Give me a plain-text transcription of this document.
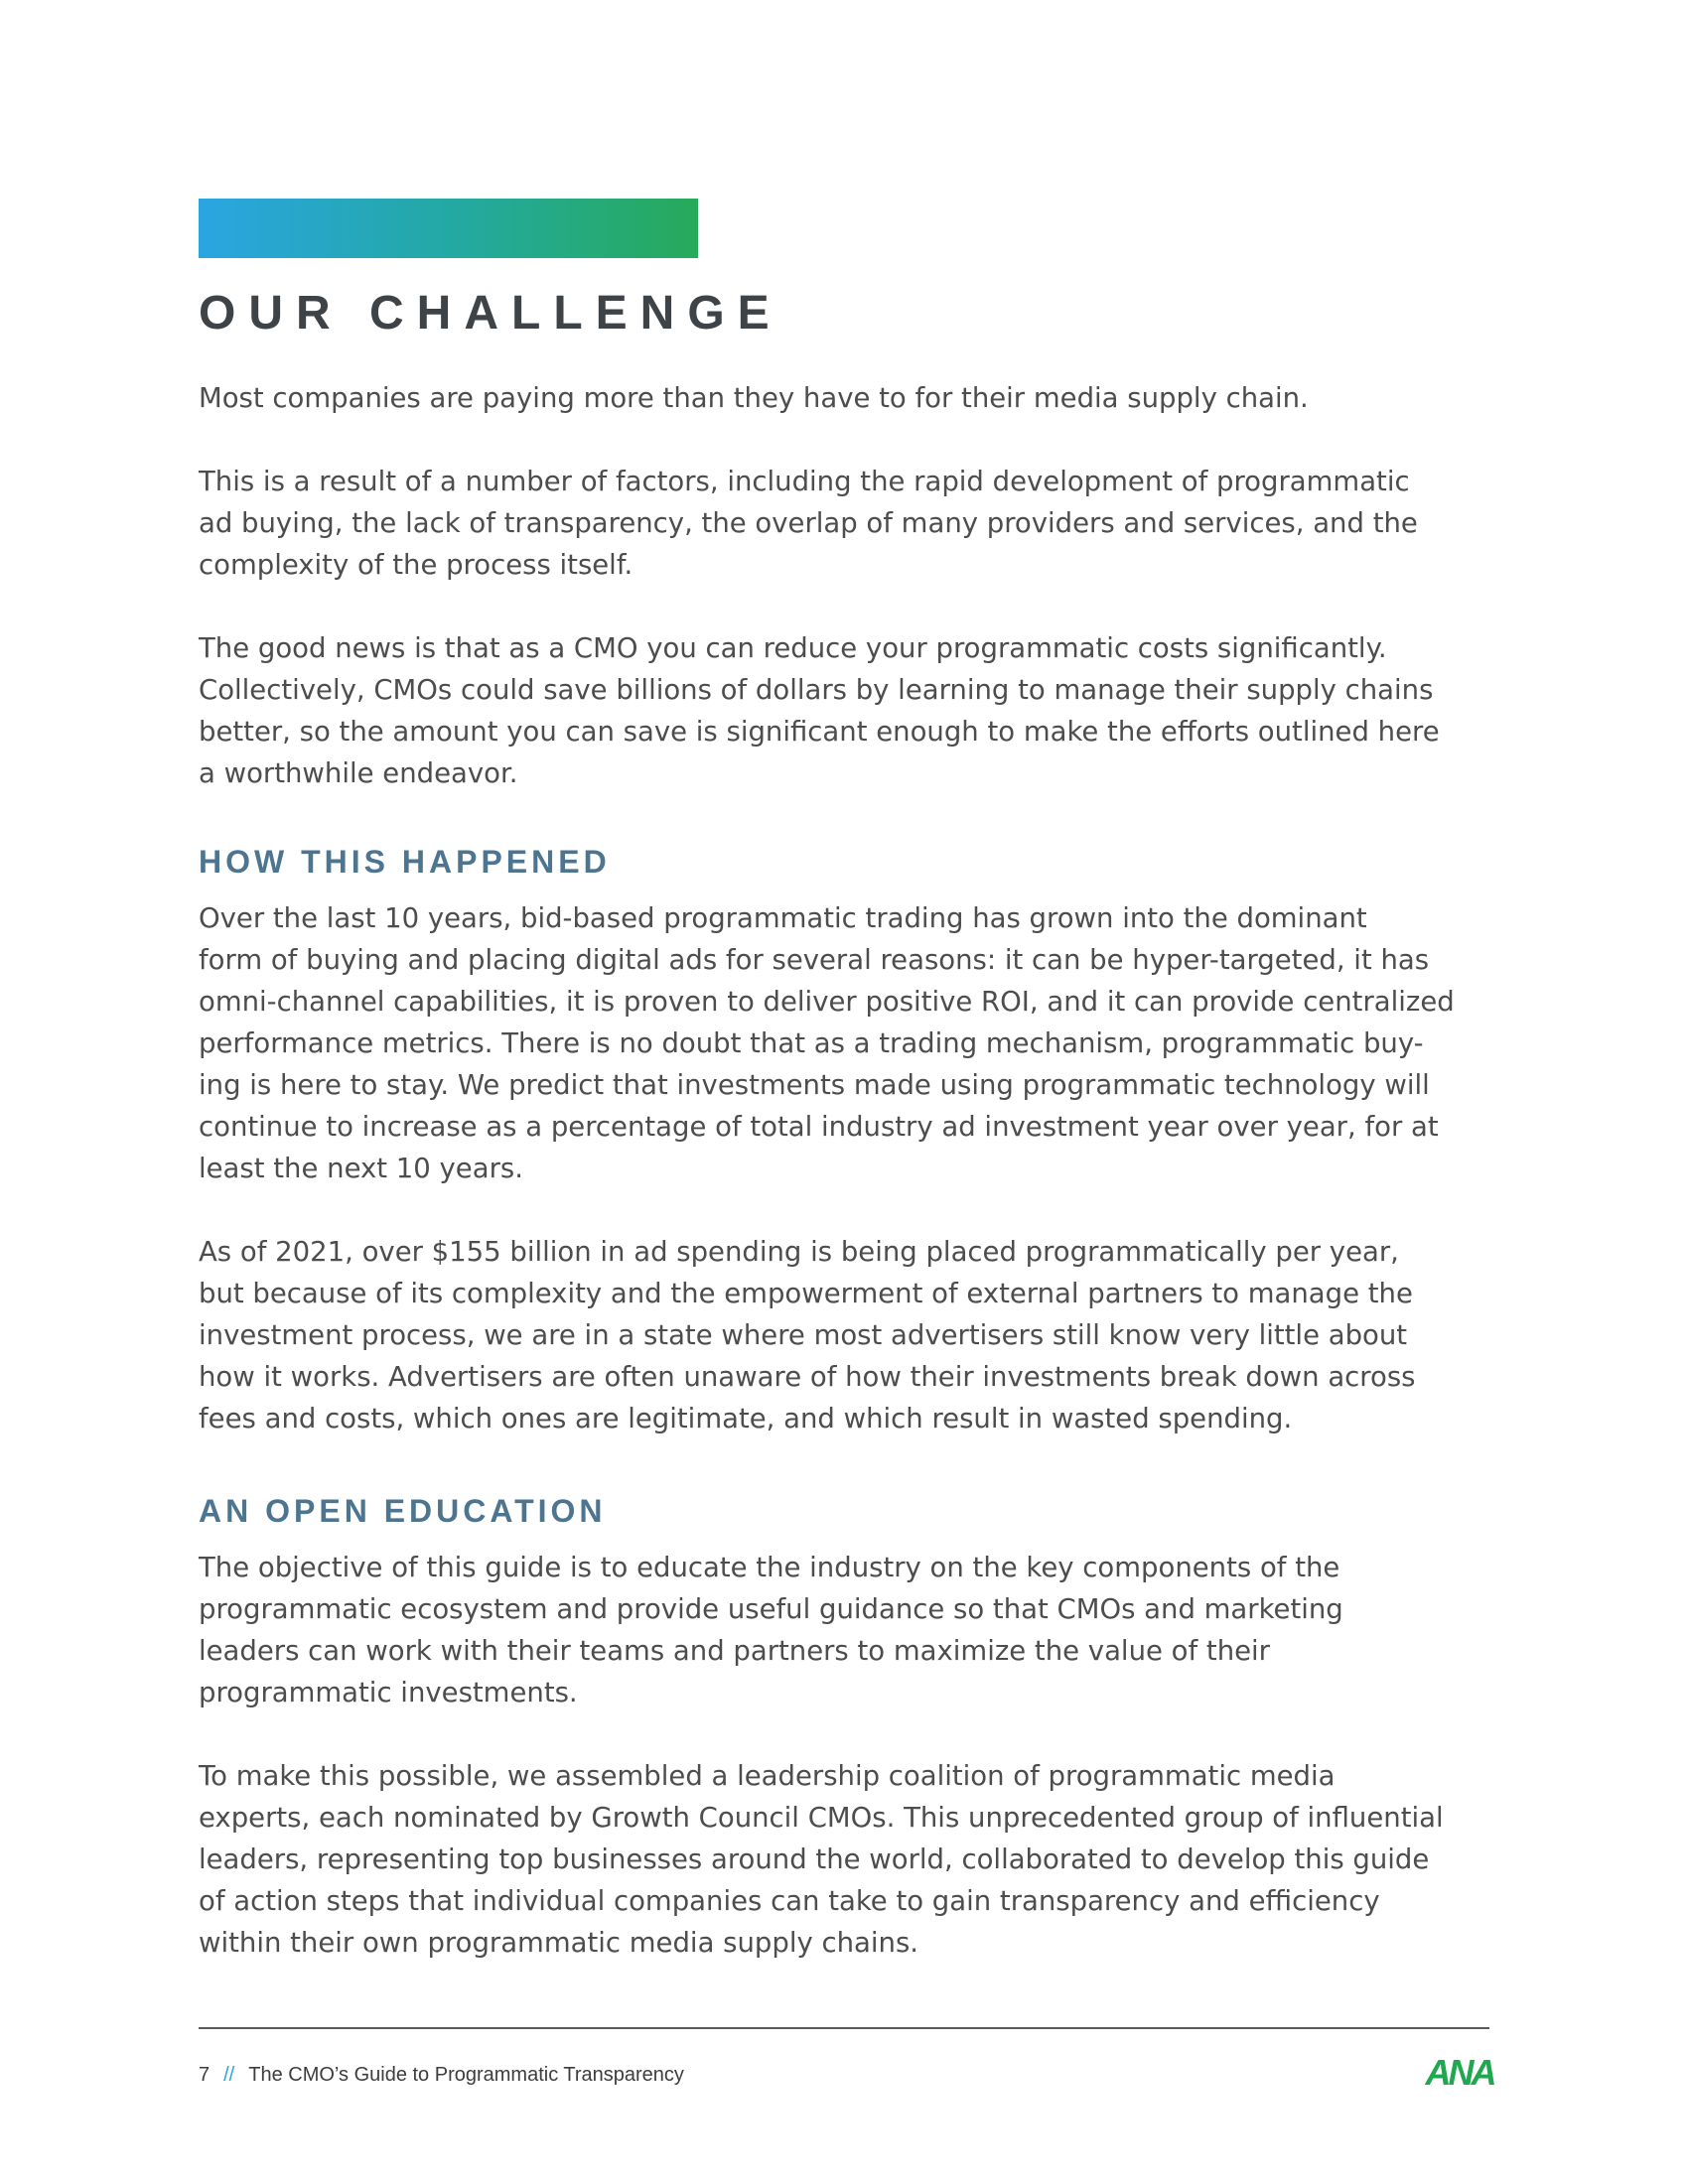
OUR CHALLENGE

Most companies are paying more than they have to for their media supply chain.

This is a result of a number of factors, including the rapid development of programmatic
ad buying, the lack of transparency, the overlap of many providers and services, and the
complexity of the process itself.

The good news is that as a CMO you can reduce your programmatic costs significantly.
Collectively, CMOs could save billions of dollars by learning to manage their supply chains
better, so the amount you can save is significant enough to make the efforts outlined here
a worthwhile endeavor.

HOW THIS HAPPENED

Over the last 10 years, bid-based programmatic trading has grown into the dominant
form of buying and placing digital ads for several reasons: it can be hyper-targeted, it has
omni-channel capabilities, it is proven to deliver positive ROI, and it can provide centralized
performance metrics. There is no doubt that as a trading mechanism, programmatic buy-
ing is here to stay. We predict that investments made using programmatic technology will
continue to increase as a percentage of total industry ad investment year over year, for at
least the next 10 years.

As of 2021, over $155 billion in ad spending is being placed programmatically per year,
but because of its complexity and the empowerment of external partners to manage the
investment process, we are in a state where most advertisers still know very little about
how it works. Advertisers are often unaware of how their investments break down across
fees and costs, which ones are legitimate, and which result in wasted spending.

AN OPEN EDUCATION

The objective of this guide is to educate the industry on the key components of the
programmatic ecosystem and provide useful guidance so that CMOs and marketing
leaders can work with their teams and partners to maximize the value of their
programmatic investments.

To make this possible, we assembled a leadership coalition of programmatic media
experts, each nominated by Growth Council CMOs. This unprecedented group of influential
leaders, representing top businesses around the world, collaborated to develop this guide
of action steps that individual companies can take to gain transparency and efficiency
within their own programmatic media supply chains.

7 // The CMO’s Guide to Programmatic Transparency	ANA
